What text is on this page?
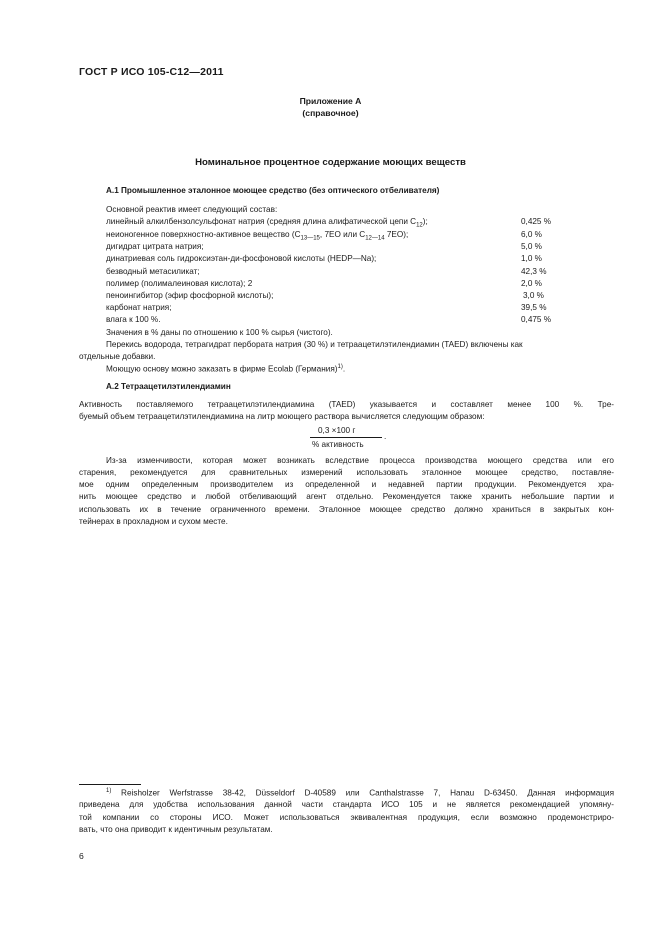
ГОСТ Р ИСО 105-С12—2011
Приложение А
(справочное)
Номинальное процентное содержание моющих веществ
А.1 Промышленное эталонное моющее средство (без оптического отбеливателя)
Основной реактив имеет следующий состав:
линейный алкилбензолсульфонат натрия (средняя длина алифатической цепи $С_{12}$);	0,425 %
неионогенное поверхностно-активное вещество ($С_{13—15}$, 7ЕО или $С_{12—14}$ 7ЕО);	6,0 %
дигидрат цитрата натрия;	5,0 %
динатриевая соль гидроксиэтан-ди-фосфоновой кислоты (HEDP—Na);	1,0 %
безводный метасиликат;	42,3 %
полимер (полималеиновая кислота); 2	2,0 %
пеноингибитор (эфир фосфорной кислоты);	3,0 %
карбонат натрия;	39,5 %
влага к 100 %.	0,475 %
Значения в % даны по отношению к 100 % сырья (чистого).
Перекись водорода, тетрагидрат пербората натрия (30 %) и тетраацетилэтилендиамин (TAED) включены как
отдельные добавки.
Моющую основу можно заказать в фирме Ecolab (Германия)$^{1)}$.
А.2 Тетраацетилэтилендиамин
Активность поставляемого тетраацетилэтилендиамина (TAED) указывается и составляет менее 100 %. Тре-
буемый объем тетраацетилэтилендиамина на литр моющего раствора вычисляется следующим образом:
0,3 ×100 г
% активность
.
Из-за изменчивости, которая может возникать вследствие процесса производства моющего средства или его
старения, рекомендуется для сравнительных измерений использовать эталонное моющее средство, поставляе-
мое одним определенным производителем из определенной и недавней партии продукции. Рекомендуется хра-
нить моющее средство и любой отбеливающий агент отдельно. Рекомендуется также хранить небольшие партии и
использовать их в течение ограниченного времени. Эталонное моющее средство должно храниться в закрытых кон-
тейнерах в прохладном и сухом месте.
$^{1)}$ Reisholzer Werfstrasse 38-42, Düsseldorf D-40589 или Canthalstrasse 7, Hanau D-63450. Данная информация
приведена для удобства использования данной части стандарта ИСО 105 и не является рекомендацией упомяну-
той компании со стороны ИСО. Может использоваться эквивалентная продукция, если возможно продемонстриро-
вать, что она приводит к идентичным результатам.
6
